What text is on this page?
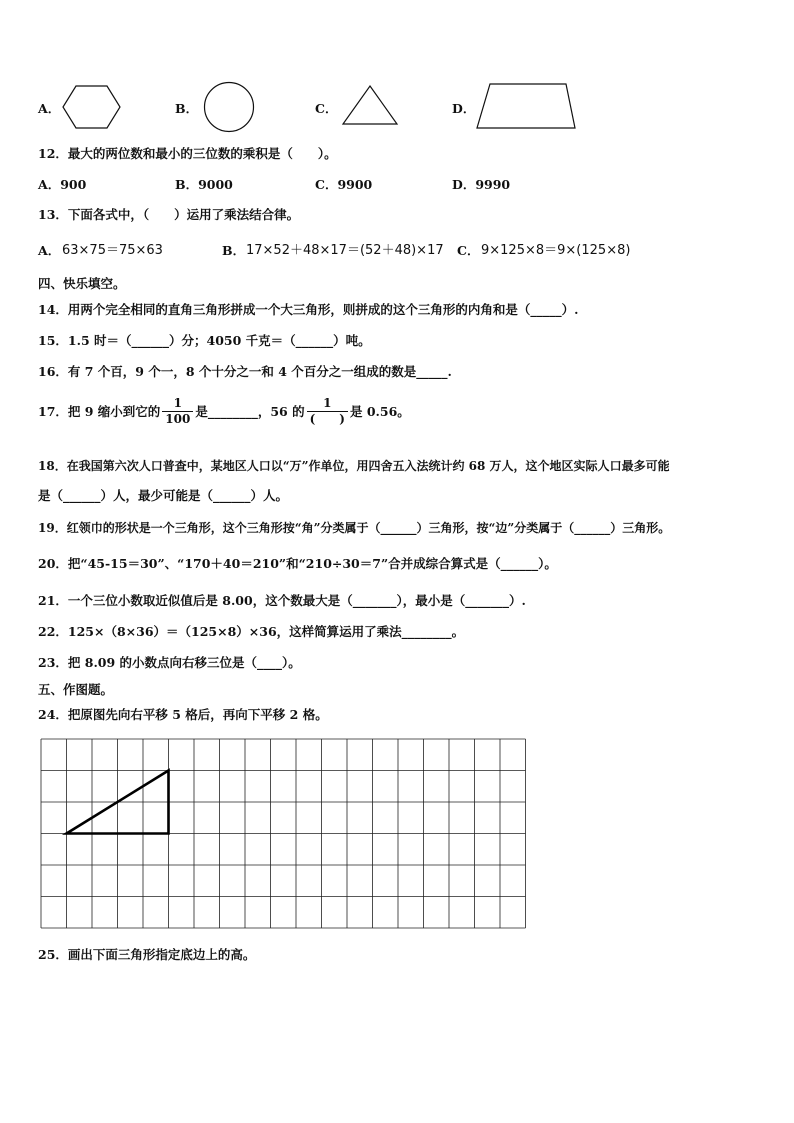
A．	B．	C．	D．
12．最大的两位数和最小的三位数的乘积是（　　）。
A．900	B．9000	C．9900	D．9990
13．下面各式中，（　　）运用了乘法结合律。
A． 63×75＝75×63	B． 17×52＋48×17＝(52＋48)×17 C． 9×125×8＝9×(125×8)
四、快乐填空。
14．用两个完全相同的直角三角形拼成一个大三角形，则拼成的这个三角形的内角和是（_____）.
15．1.5 时＝（______）分；4050 千克＝（______）吨。
16．有 7 个百，9 个一，8 个十分之一和 4 个百分之一组成的数是_____.
17．把 9 缩小到它的 $\frac{1}{100}$ 是________，56 的 $\frac{1}{( )}$ 是 0.56。
18．在我国第六次人口普查中，某地区人口以“万”作单位，用四舍五入法统计约 68 万人，这个地区实际人口最多可能
是（______）人，最少可能是（______）人。
19．红领巾的形状是一个三角形，这个三角形按“角”分类属于（______）三角形，按“边”分类属于（______）三角形。
20．把“45-15＝30”、“170＋40＝210”和“210÷30＝7”合并成综合算式是（______）。
21．一个三位小数取近似值后是 8.00，这个数最大是（_______），最小是（_______）.
22．125×（8×36）＝（125×8）×36，这样简算运用了乘法________。
23．把 8.09 的小数点向右移三位是（____）。
五、作图题。
24．把原图先向右平移 5 格后，再向下平移 2 格。
25．画出下面三角形指定底边上的高。
